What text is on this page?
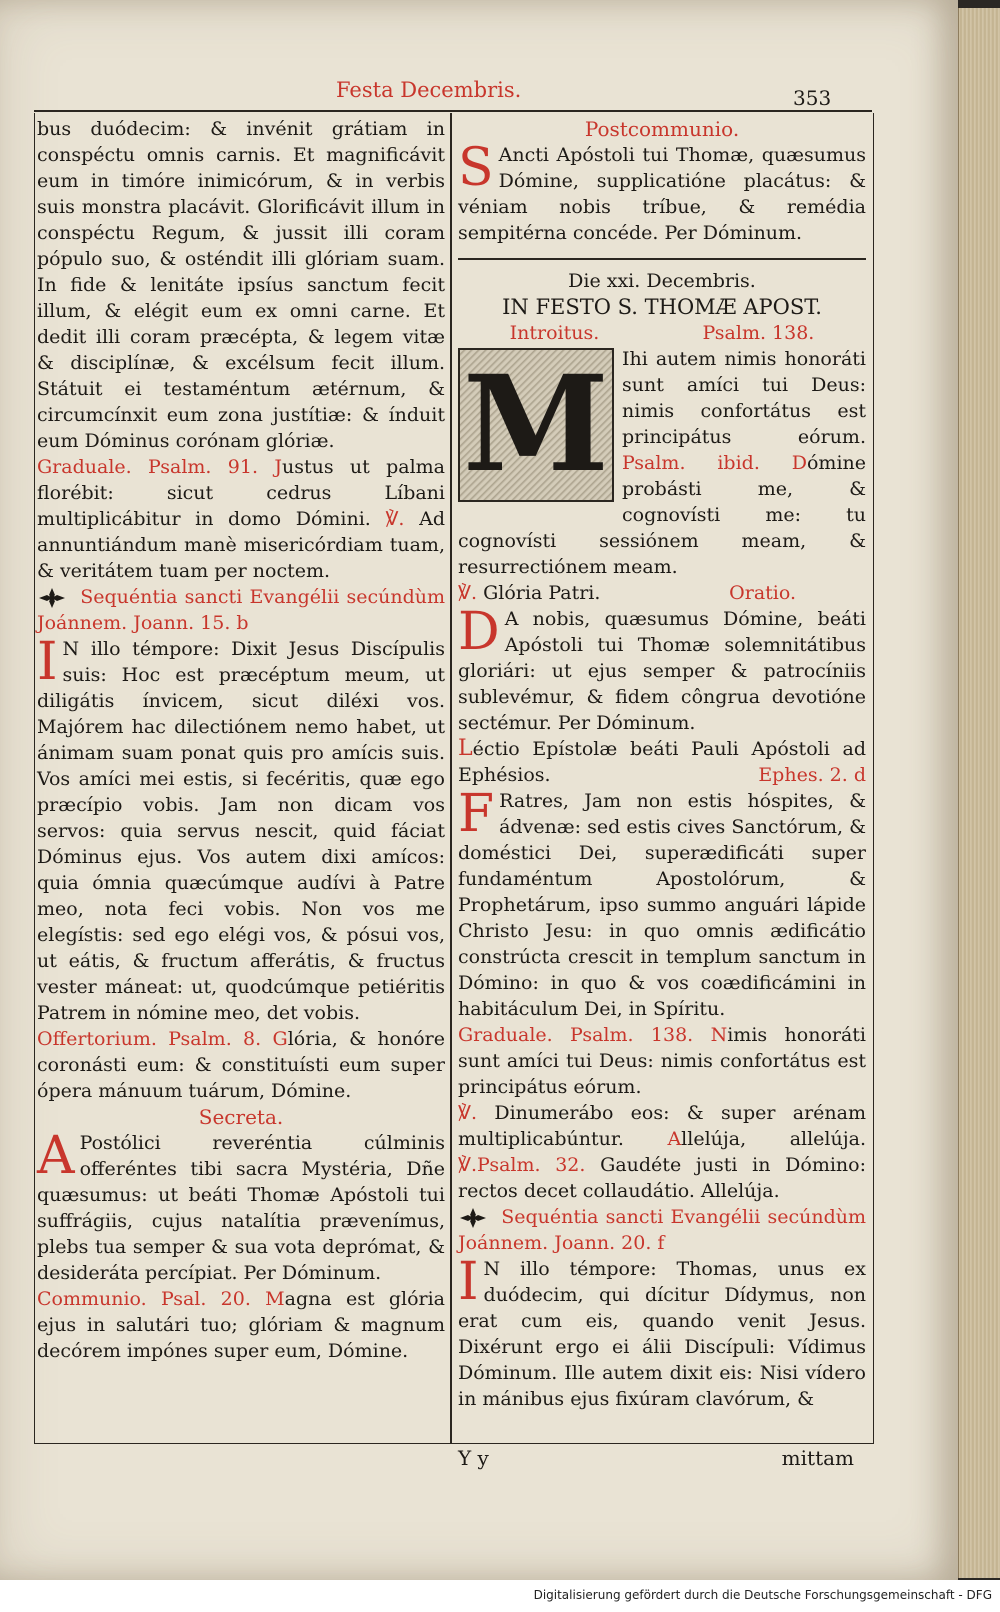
Festa Decembris.	353

bus duódecim: & invénit grátiam in conspéctu omnis carnis. Et magnificávit eum in timóre inimicórum, & in verbis suis monstra placávit. Glorificávit illum in conspéctu Regum, & jussit illi coram pópulo suo, & osténdit illi glóriam suam. In fide & lenitáte ipsíus sanctum fecit illum, & elégit eum ex omni carne. Et dedit illi coram præcépta, & legem vitæ & disciplínæ, & excélsum fecit illum. Státuit ei testaméntum ætérnum, & circumcínxit eum zona justítiæ: & índuit eum Dóminus corónam glóriæ.

Graduale. Psalm. 91. Justus ut palma florébit: sicut cedrus Líbani multiplicábitur in domo Dómini. ℣. Ad annuntiándum manè misericórdiam tuam, & veritátem tuam per noctem.

Sequéntia sancti Evangélii secúndùm Joánnem. Joann. 15. b

I N illo témpore: Dixit Jesus Discípulis suis: Hoc est præcéptum meum, ut diligátis ínvicem, sicut diléxi vos. Majórem hac dilectiónem nemo habet, ut ánimam suam ponat quis pro amícis suis. Vos amíci mei estis, si fecéritis, quæ ego præcípio vobis. Jam non dicam vos servos: quia servus nescit, quid fáciat Dóminus ejus. Vos autem dixi amícos: quia ómnia quæcúmque audívi à Patre meo, nota feci vobis. Non vos me elegístis: sed ego elégi vos, & pósui vos, ut eátis, & fructum afferátis, & fructus vester máneat: ut, quodcúmque petiéritis Patrem in nómine meo, det vobis.

Offertorium. Psalm. 8. Glória, & honóre coronásti eum: & constituísti eum super ópera mánuum tuárum, Dómine.

Secreta.

A Postólici reveréntia cúlminis offeréntes tibi sacra Mystéria, Dñe quæsumus: ut beáti Thomæ Apóstoli tui suffrágiis, cujus natalítia prævenímus, plebs tua semper & sua vota deprómat, & desideráta percípiat. Per Dóminum.

Communio. Psal. 20. Magna est glória ejus in salutári tuo; glóriam & magnum decórem impónes super eum, Dómine.

Postcommunio.

S Ancti Apóstoli tui Thomæ, quæsumus Dómine, supplicatióne placátus: & véniam nobis tríbue, & remédia sempitérna concéde. Per Dóminum.

Die xxi. Decembris.
IN FESTO S. THOMÆ APOST.
Introitus.	Psalm. 138.

M Ihi autem nimis honoráti sunt amíci tui Deus: nimis confortátus est principátus eórum. Psalm. ibid. Dómine probásti me, & cognovísti me: tu cognovísti sessiónem meam, & resurrectiónem meam.

℣. Glória Patri.	Oratio.

D A nobis, quæsumus Dómine, beáti Apóstoli tui Thomæ solemnitátibus gloriári: ut ejus semper & patrocíniis sublevémur, & fidem côngrua devotióne sectémur. Per Dóminum.

Léctio Epístolæ beáti Pauli Apóstoli ad Ephésios.	Ephes. 2. d

F Ratres, Jam non estis hóspites, & ádvenæ: sed estis cives Sanctórum, & doméstici Dei, superædificáti super fundaméntum Apostolórum, & Prophetárum, ipso summo anguári lápide Christo Jesu: in quo omnis ædificátio constrúcta crescit in templum sanctum in Dómino: in quo & vos coædificámini in habitáculum Dei, in Spíritu.

Graduale. Psalm. 138. Nimis honoráti sunt amíci tui Deus: nimis confortátus est principátus eórum.

℣. Dinumerábo eos: & super arénam multiplicabúntur. Allelúja, allelúja. ℣.Psalm. 32. Gaudéte justi in Dómino: rectos decet collaudátio. Allelúja.

Sequéntia sancti Evangélii secúndùm Joánnem. Joann. 20. f

I N illo témpore: Thomas, unus ex duódecim, qui dícitur Dídymus, non erat cum eis, quando venit Jesus. Dixérunt ergo ei álii Discípuli: Vídimus Dóminum. Ille autem dixit eis: Nisi vídero in mánibus ejus fixúram clavórum, &

Y y	mittam
Digitalisierung gefördert durch die Deutsche Forschungsgemeinschaft - DFG
